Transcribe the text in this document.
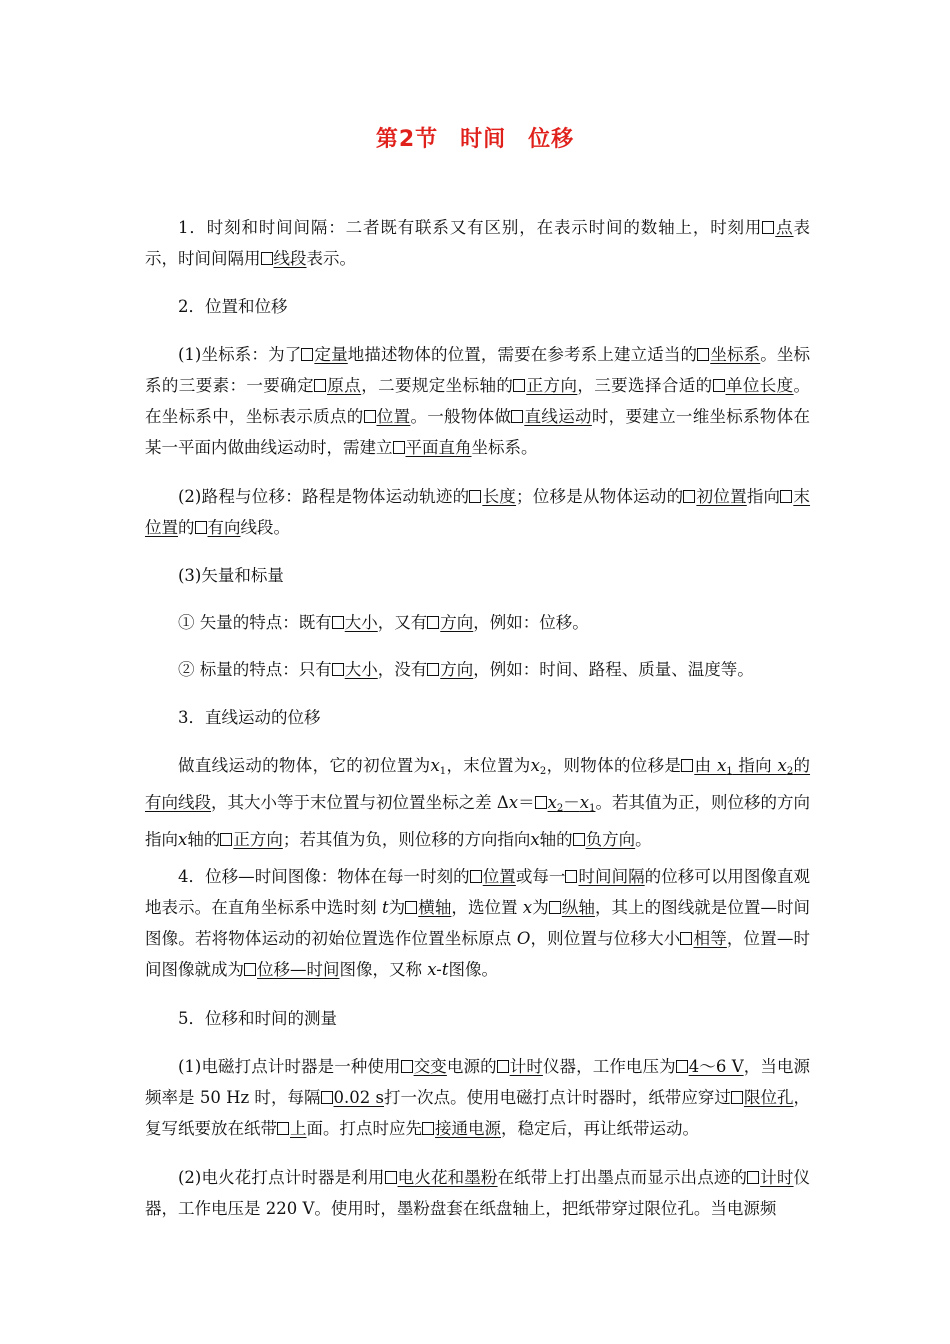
第2节 时间 位移
1．时刻和时间间隔：二者既有联系又有区别，在表示时间的数轴上，时刻用 点表示，时间间隔用 线段表示。
2．位置和位移
(1)坐标系：为了 定量地描述物体的位置，需要在参考系上建立适当的 坐标系。坐标系的三要素：一要确定 原点，二要规定坐标轴的 正方向，三要选择合适的 单位长度。在坐标系中，坐标表示质点的 位置。一般物体做 直线运动时，要建立一维坐标系物体在某一平面内做曲线运动时，需建立 平面直角坐标系。
(2)路程与位移：路程是物体运动轨迹的 长度；位移是从物体运动的 初位置指向 末位置的 有向线段。
(3)矢量和标量
① 矢量的特点：既有 大小，又有 方向，例如：位移。
② 标量的特点：只有 大小，没有 方向，例如：时间、路程、质量、温度等。
3．直线运动的位移
做直线运动的物体，它的初位置为$x_1$，末位置为$x_2$，则物体的位移是 由 $x_1$ 指向 $x_2$的有向线段，其大小等于末位置与初位置坐标之差 $\Delta x= x_2-x_1$。若其值为正，则位移的方向指向x轴的 正方向；若其值为负，则位移的方向指向x轴的 负方向。
4．位移—时间图像：物体在每一时刻的 位置或每一 时间间隔的位移可以用图像直观地表示。在直角坐标系中选时刻 t为 横轴，选位置 x为 纵轴，其上的图线就是位置—时间图像。若将物体运动的初始位置选作位置坐标原点 O，则位置与位移大小 相等，位置—时间图像就成为 位移—时间图像，又称 x-t图像。
5．位移和时间的测量
(1)电磁打点计时器是一种使用 交变电源的 计时仪器，工作电压为 4～6 V，当电源频率是 50 Hz 时，每隔 0.02 s打一次点。使用电磁打点计时器时，纸带应穿过 限位孔，复写纸要放在纸带 上面。打点时应先 接通电源，稳定后，再让纸带运动。
(2)电火花打点计时器是利用 电火花和墨粉在纸带上打出墨点而显示出点迹的 计时仪器，工作电压是 220 V。使用时，墨粉盘套在纸盘轴上，把纸带穿过限位孔。当电源频
